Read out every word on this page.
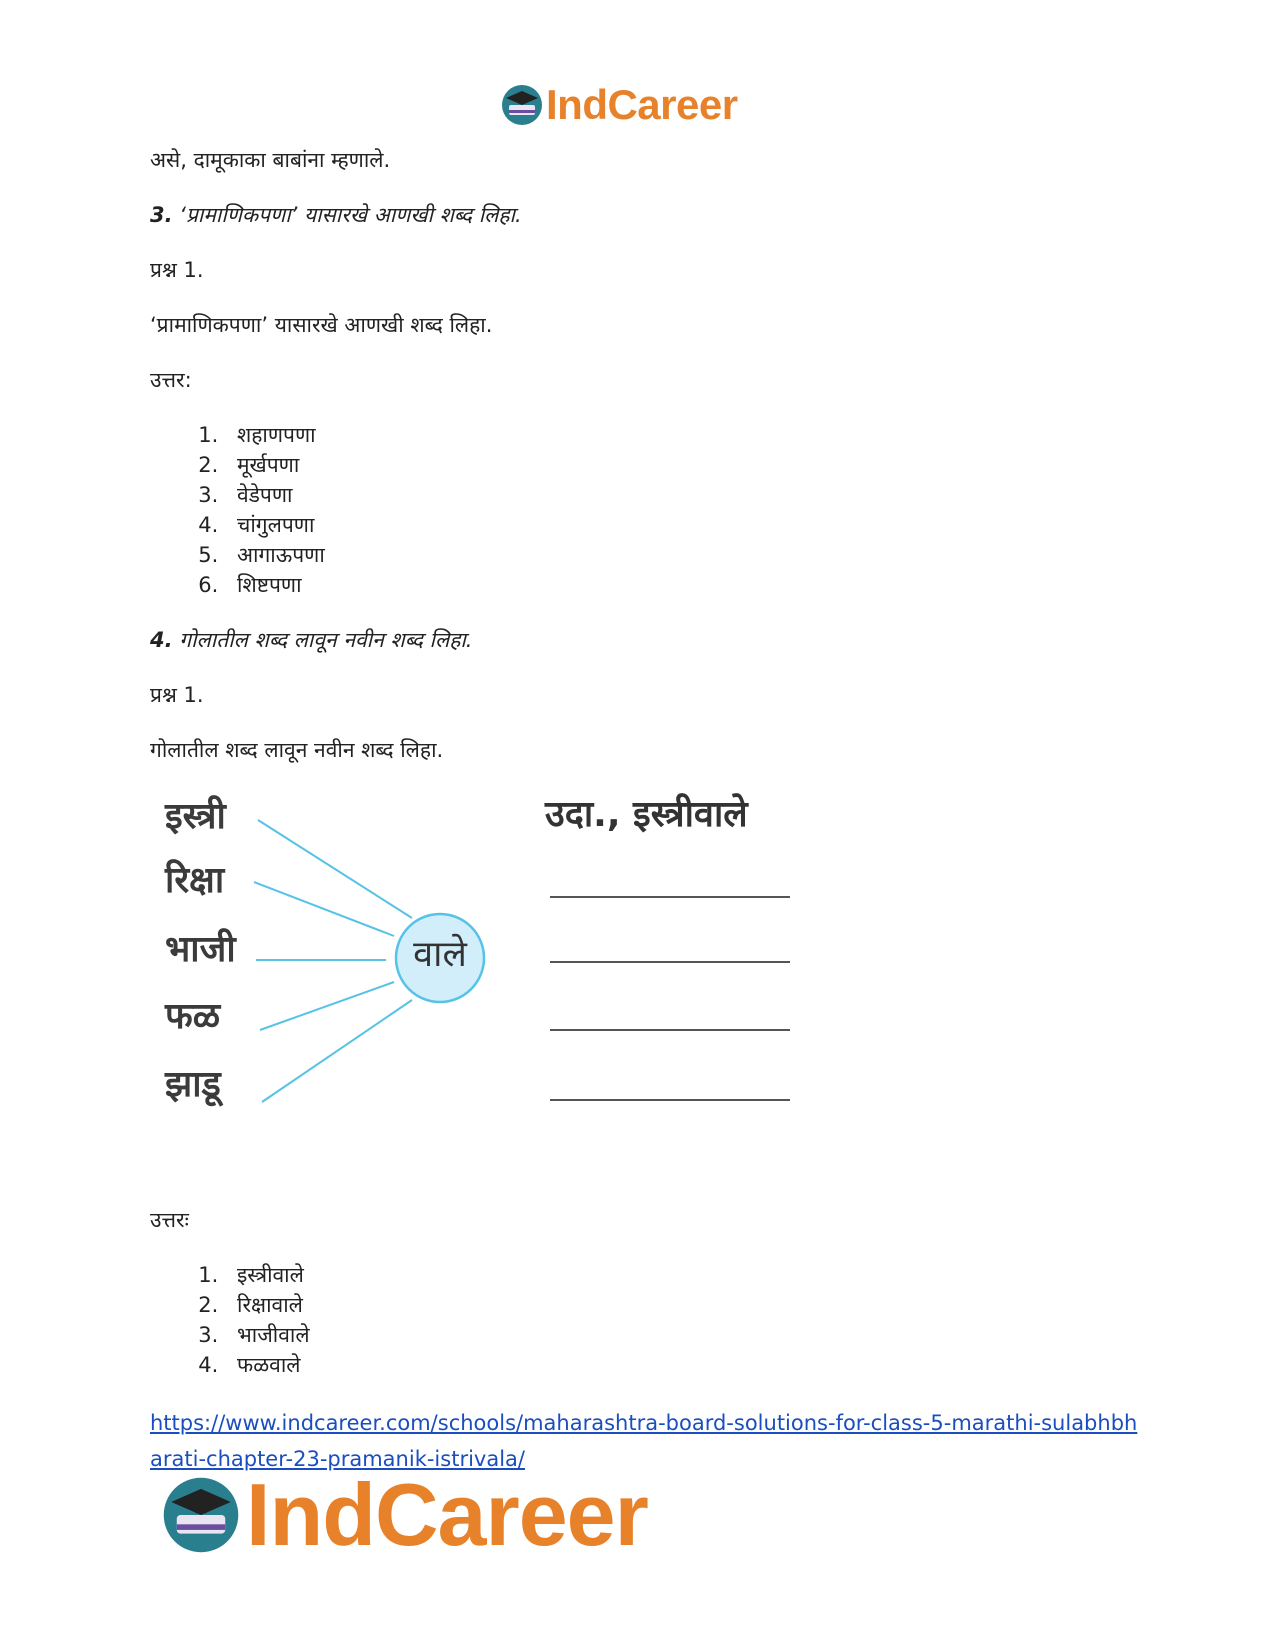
IndCareer

असे, दामूकाका बाबांना म्हणाले.

3. ‘प्रामाणिकपणा’ यासारखे आणखी शब्द लिहा.

प्रश्न 1.

‘प्रामाणिकपणा’ यासारखे आणखी शब्द लिहा.

उत्तर:

1. शहाणपणा
2. मूर्खपणा
3. वेडेपणा
4. चांगुलपणा
5. आगाऊपणा
6. शिष्टपणा

4. गोलातील शब्द लावून नवीन शब्द लिहा.

प्रश्न 1.

गोलातील शब्द लावून नवीन शब्द लिहा.

इस्त्री
रिक्षा
भाजी
फळ
झाडू
वाले
उदा., इस्त्रीवाले

उत्तरः

1. इस्त्रीवाले
2. रिक्षावाले
3. भाजीवाले
4. फळवाले
https://www.indcareer.com/schools/maharashtra-board-solutions-for-class-5-marathi-sulabhbharati-chapter-23-pramanik-istrivala/
IndCareer
